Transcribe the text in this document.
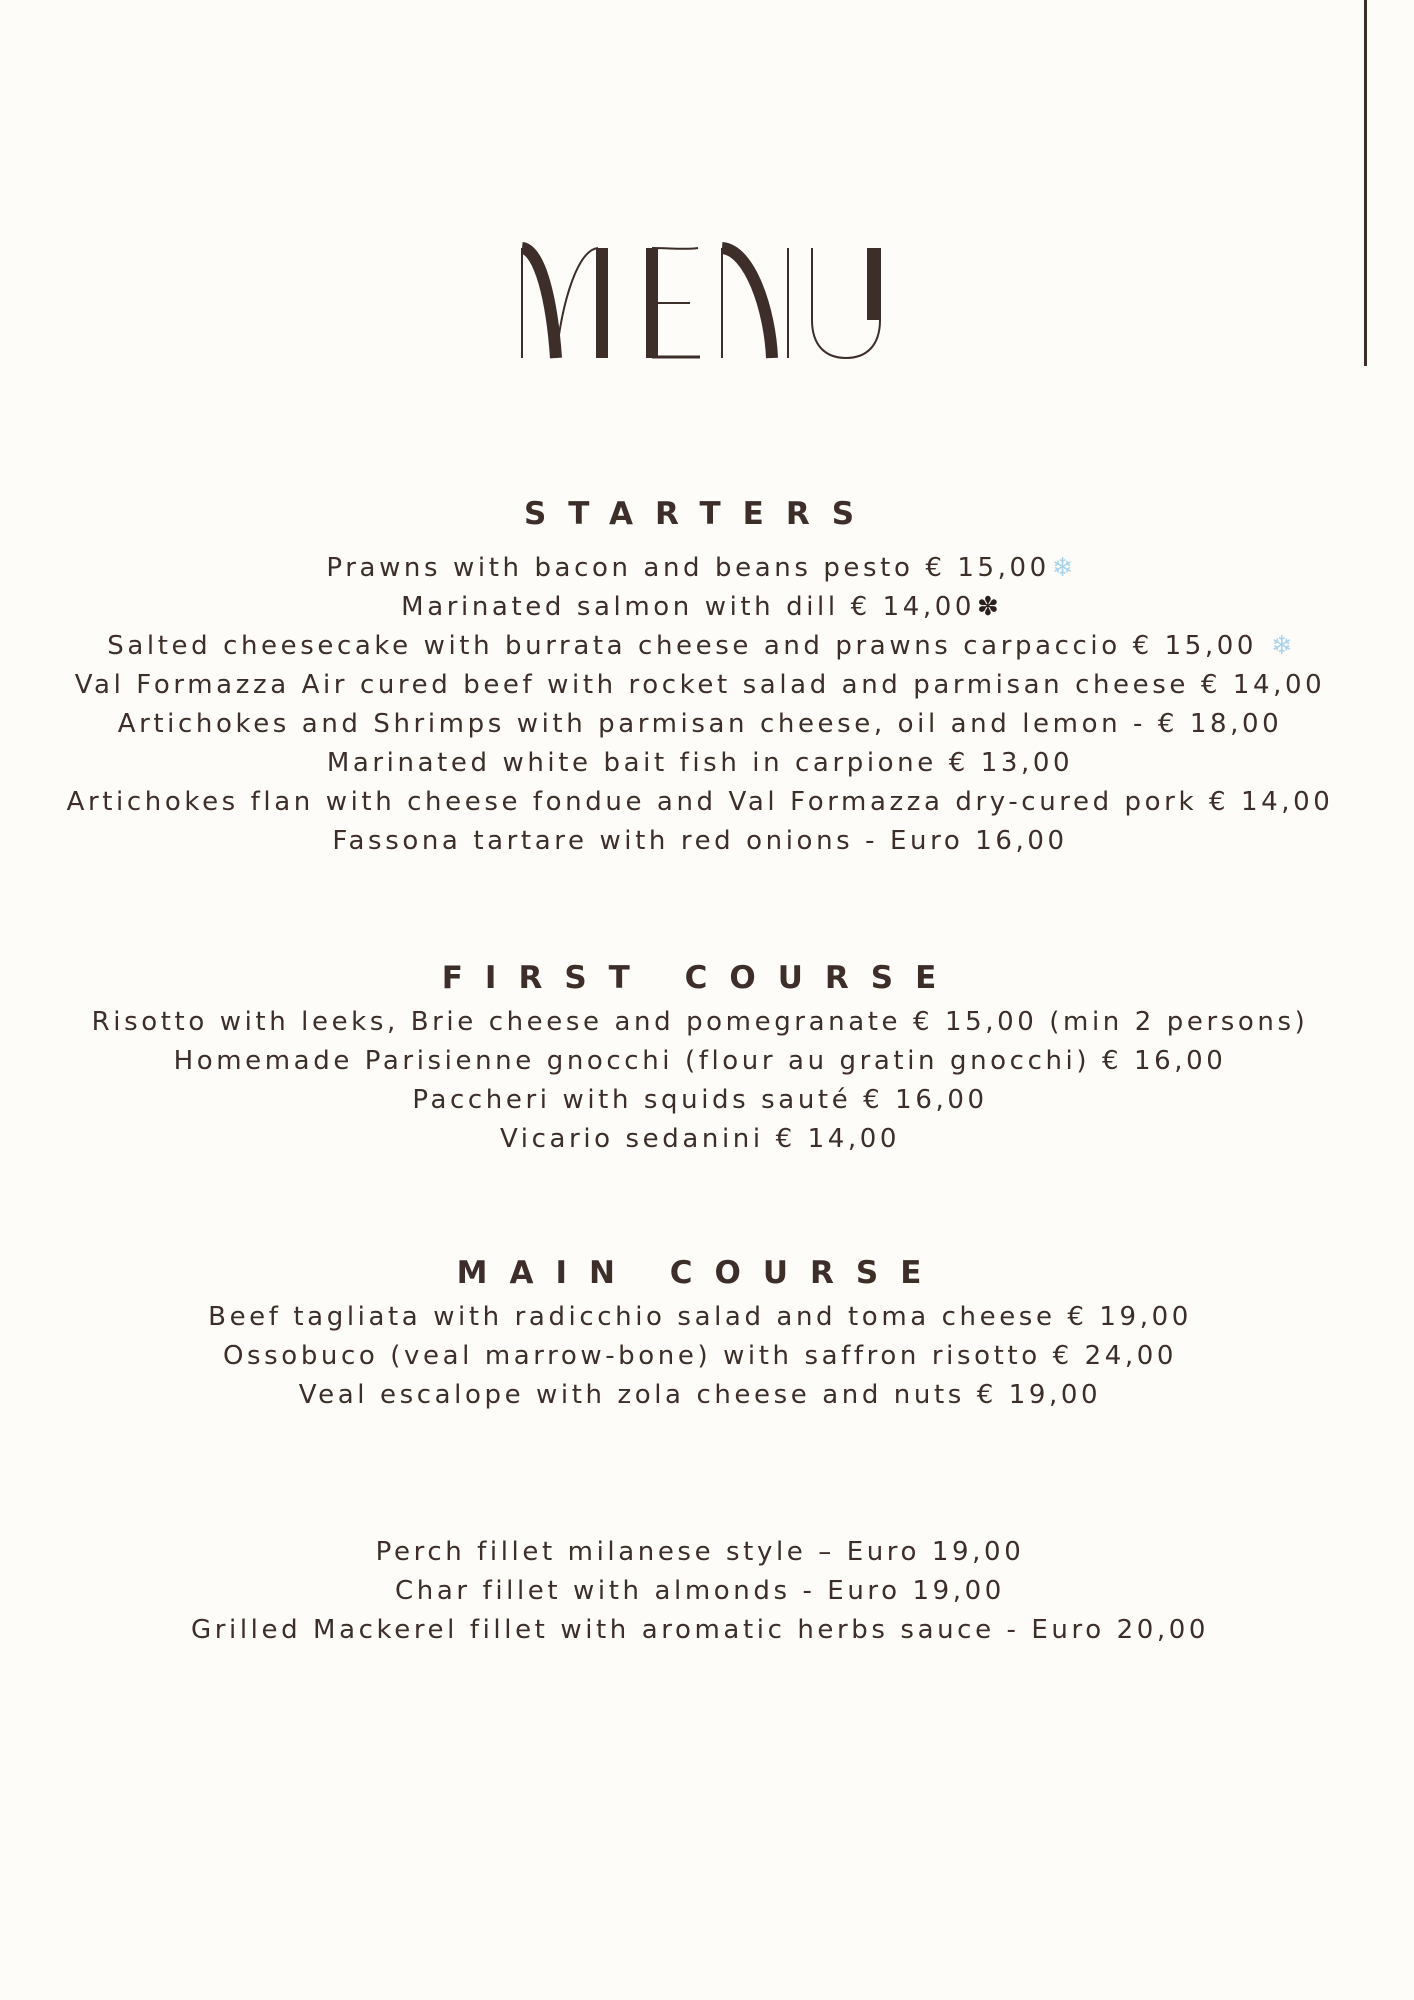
STARTERS
Prawns with bacon and beans pesto € 15,00❄
Marinated salmon with dill € 14,00✽
Salted cheesecake with burrata cheese and prawns carpaccio € 15,00 ❄
Val Formazza Air cured beef with rocket salad and parmisan cheese € 14,00
Artichokes and Shrimps with parmisan cheese, oil and lemon - € 18,00
Marinated white bait fish in carpione € 13,00
Artichokes flan with cheese fondue and Val Formazza dry-cured pork € 14,00
Fassona tartare with red onions - Euro 16,00
FIRST COURSE
Risotto with leeks, Brie cheese and pomegranate € 15,00 (min 2 persons)
Homemade Parisienne gnocchi (flour au gratin gnocchi) € 16,00
Paccheri with squids sauté € 16,00
Vicario sedanini € 14,00
MAIN COURSE
Beef tagliata with radicchio salad and toma cheese € 19,00
Ossobuco (veal marrow-bone) with saffron risotto € 24,00
Veal escalope with zola cheese and nuts € 19,00
Perch fillet milanese style – Euro 19,00
Char fillet with almonds - Euro 19,00
Grilled Mackerel fillet with aromatic herbs sauce - Euro 20,00
